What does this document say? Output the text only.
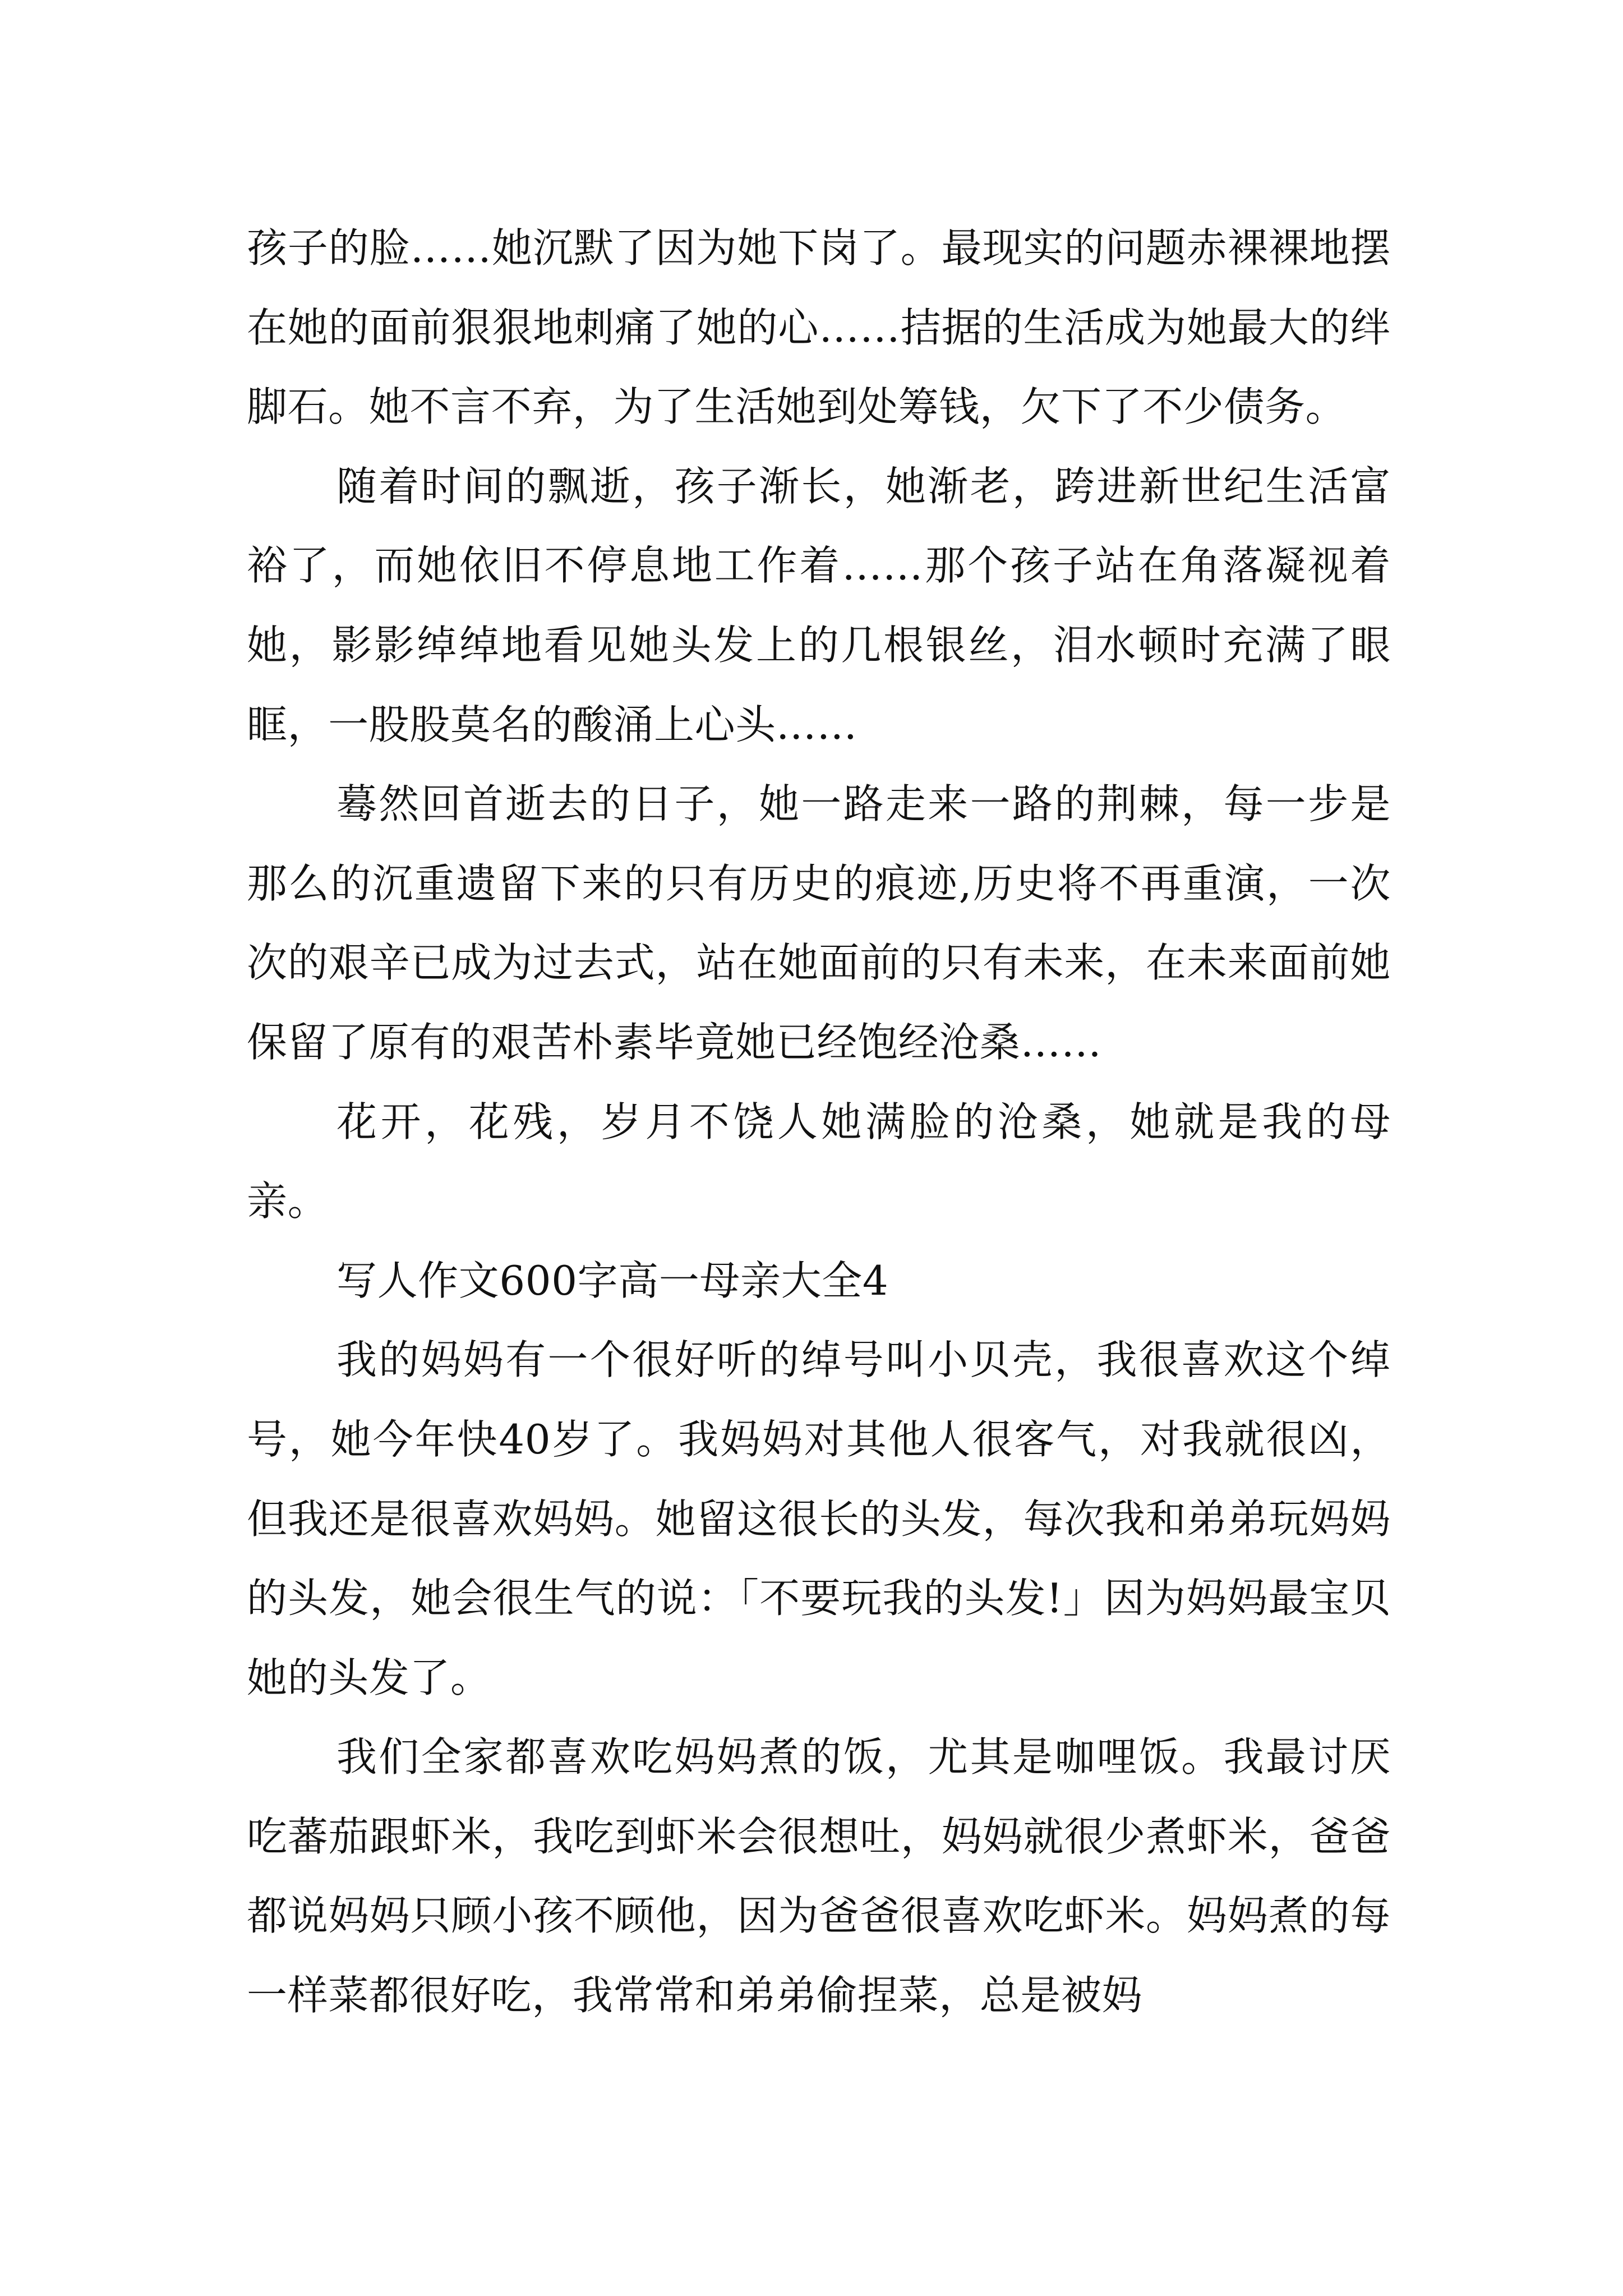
孩子的脸……她沉默了因为她下岗了。最现实的问题赤裸裸地摆在她的面前狠狠地刺痛了她的心……拮据的生活成为她最大的绊脚石。她不言不弃，为了生活她到处筹钱，欠下了不少债务。

随着时间的飘逝，孩子渐长，她渐老，跨进新世纪生活富裕了，而她依旧不停息地工作着……那个孩子站在角落凝视着她，影影绰绰地看见她头发上的几根银丝，泪水顿时充满了眼眶，一股股莫名的酸涌上心头……

蓦然回首逝去的日子，她一路走来一路的荆棘，每一步是那么的沉重遗留下来的只有历史的痕迹,历史将不再重演，一次次的艰辛已成为过去式，站在她面前的只有未来，在未来面前她保留了原有的艰苦朴素毕竟她已经饱经沧桑……

花开，花残，岁月不饶人她满脸的沧桑，她就是我的母亲。

写人作文600字高一母亲大全4

我的妈妈有一个很好听的绰号叫小贝壳，我很喜欢这个绰号，她今年快40岁了。我妈妈对其他人很客气，对我就很凶，但我还是很喜欢妈妈。她留这很长的头发，每次我和弟弟玩妈妈的头发，她会很生气的说：「不要玩我的头发!」因为妈妈最宝贝她的头发了。

我们全家都喜欢吃妈妈煮的饭，尤其是咖哩饭。我最讨厌吃蕃茄跟虾米，我吃到虾米会很想吐，妈妈就很少煮虾米，爸爸都说妈妈只顾小孩不顾他，因为爸爸很喜欢吃虾米。妈妈煮的每一样菜都很好吃，我常常和弟弟偷捏菜，总是被妈
